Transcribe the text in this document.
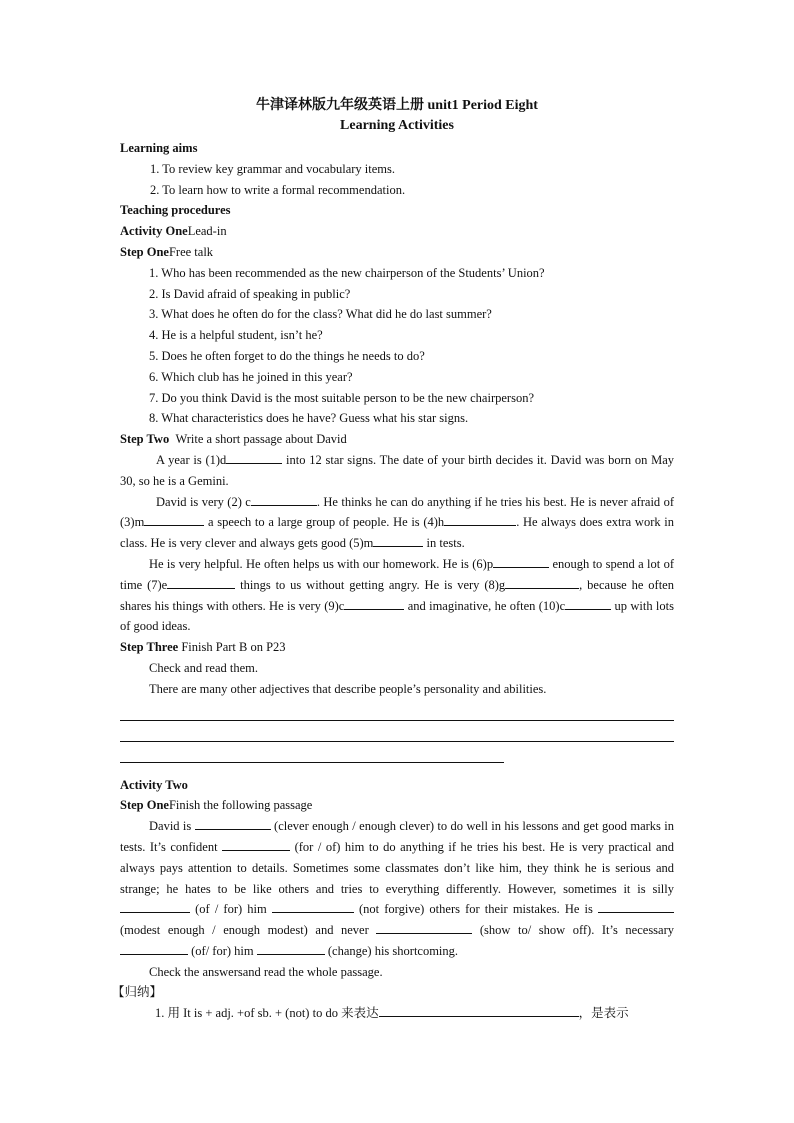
牛津译林版九年级英语上册 unit1 Period Eight
Learning Activities
Learning aims
1. To review key grammar and vocabulary items.
2. To learn how to write a formal recommendation.
Teaching procedures
Activity OneLead-in
Step OneFree talk
1. Who has been recommended as the new chairperson of the Students’ Union?
2. Is David afraid of speaking in public?
3. What does he often do for the class? What did he do last summer?
4. He is a helpful student, isn’t he?
5. Does he often forget to do the things he needs to do?
6. Which club has he joined in this year?
7. Do you think David is the most suitable person to be the new chairperson?
8. What characteristics does he have? Guess what his star signs.
Step Two Write a short passage about David
A year is (1)d	into 12 star signs. The date of your birth decides it. David was born on May 30, so he is a Gemini.
David is very (2) c	. He thinks he can do anything if he tries his best. He is never afraid of (3)m	a speech to a large group of people. He is (4)h	. He always does extra work in class. He is very clever and always gets good (5)m	in tests.
He is very helpful. He often helps us with our homework. He is (6)p	enough to spend a lot of time (7)e	things to us without getting angry. He is very (8)g	, because he often shares his things with others. He is very (9)c	and imaginative, he often (10)c	up with lots of good ideas.
Step Three Finish Part B on P23
Check and read them.
There are many other adjectives that describe people’s personality and abilities.
Activity Two
Step OneFinish the following passage
David is	(clever enough / enough clever) to do well in his lessons and get good marks in tests. It’s confident	(for / of) him to do anything if he tries his best. He is very practical and always pays attention to details. Sometimes some classmates don’t like him, they think he is serious and strange; he hates to be like others and tries to everything differently. However, sometimes it is silly  (of / for) him	(not forgive) others for their mistakes. He is  (modest enough / enough modest) and never	(show to/ show off). It’s necessary  (of/ for) him	(change) his shortcoming.
Check the answersand read the whole passage.
【归纳】
1. 用 It is + adj. +of sb. + (not) to do 来表达	，是表示
